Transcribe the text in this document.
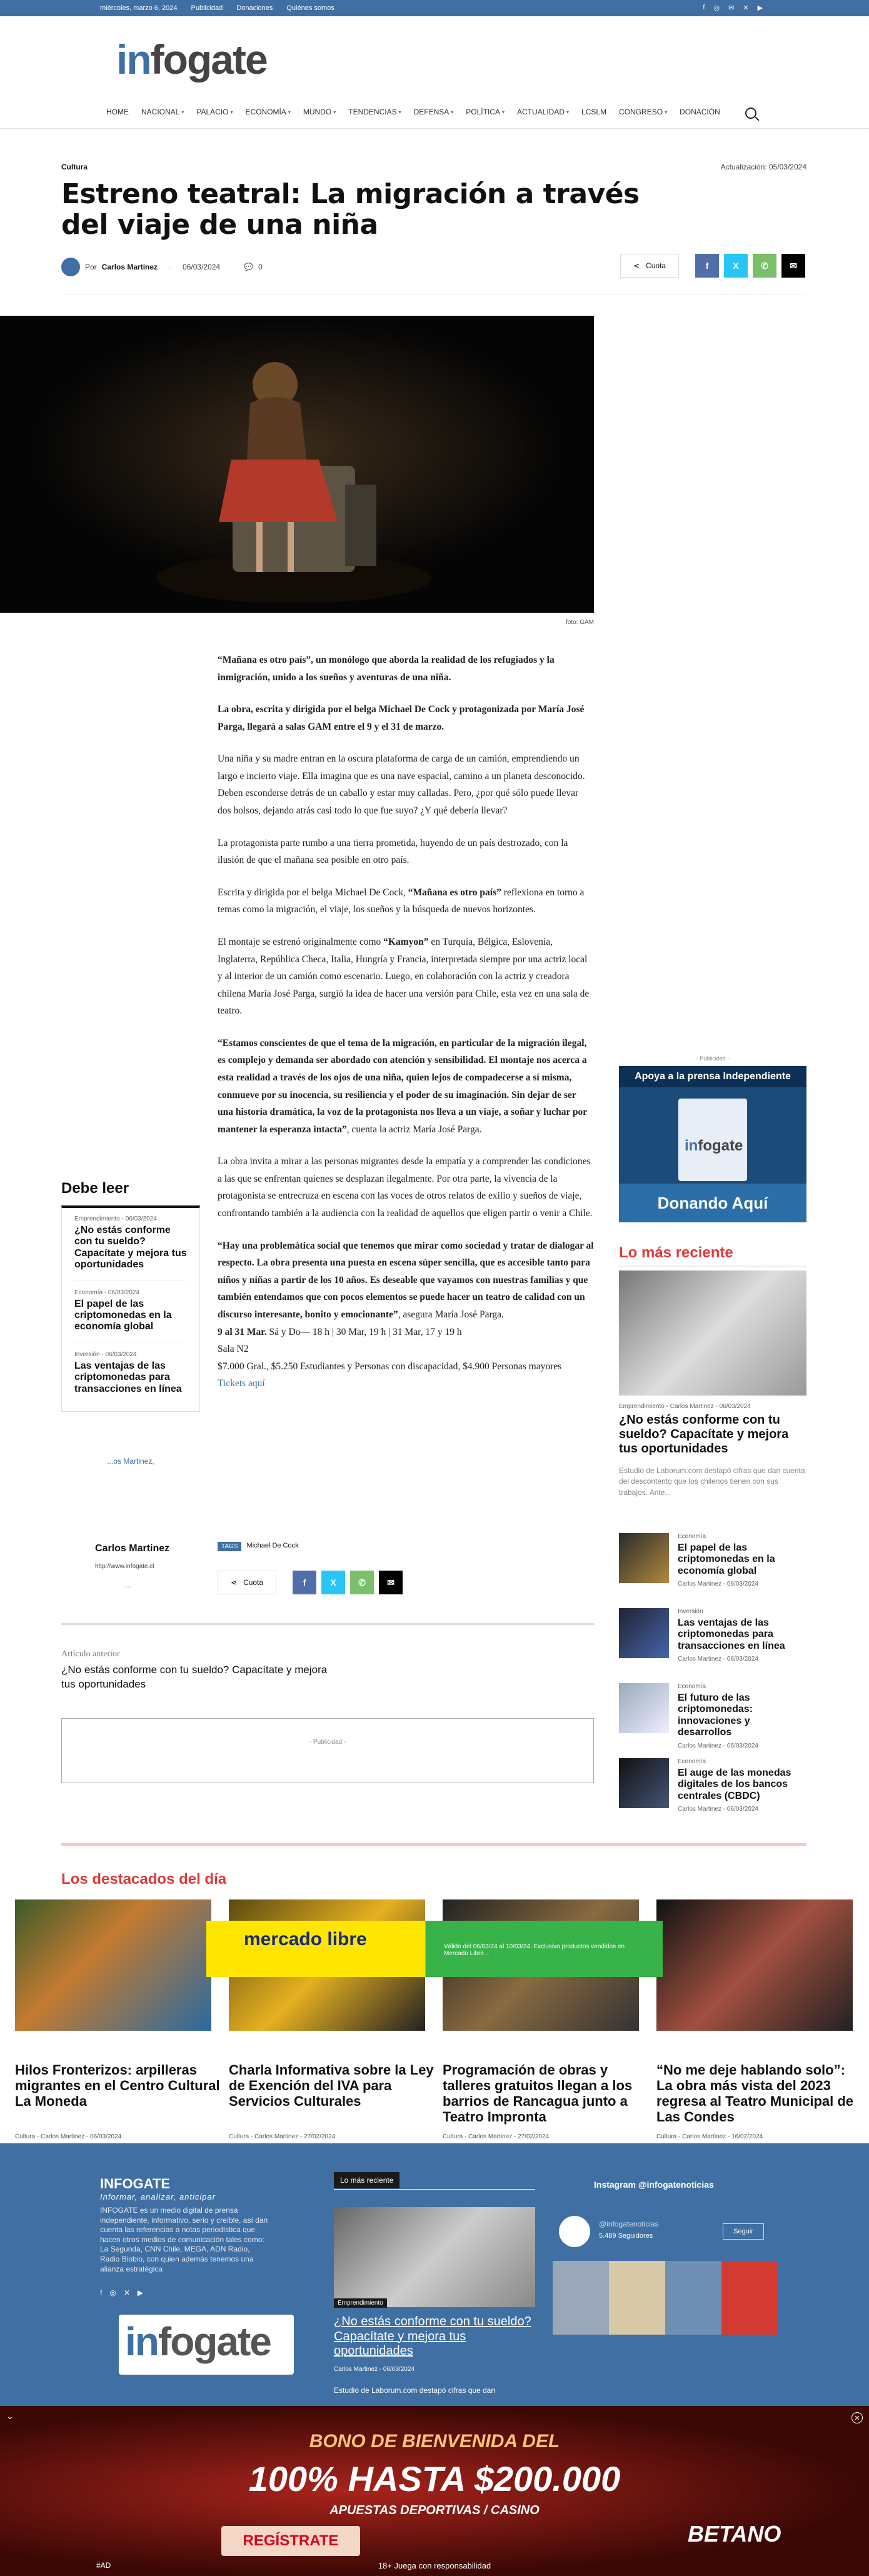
miércoles, marzo 6, 2024 Publicidad Donaciones Quiénes somos	f ◎ ✉ ✕ ▶
infogate
HOME NACIONAL ▾ PALACIO ▾ ECONOMÍA ▾ MUNDO ▾ TENDENCIAS ▾ DEFENSA ▾ POLÍTICA ▾ ACTUALIDAD ▾ LCSLM CONGRESO ▾ DONACIÓN
Cultura	Actualización: 05/03/2024
Estreno teatral: La migración a través del viaje de una niña
Por Carlos Martinez - 06/03/2024	💬 0	⋖ Cuota	f	X	✆	✉
foto: GAM

“Mañana es otro país”, un monólogo que aborda la realidad de los refugiados y la inmigración, unido a los sueños y aventuras de una niña.

La obra, escrita y dirigida por el belga Michael De Cock y protagonizada por María José Parga, llegará a salas GAM entre el 9 y el 31 de marzo.

Una niña y su madre entran en la oscura plataforma de carga de un camión, emprendiendo un largo e incierto viaje. Ella imagina que es una nave espacial, camino a un planeta desconocido. Deben esconderse detrás de un caballo y estar muy calladas. Pero, ¿por qué sólo puede llevar dos bolsos, dejando atrás casi todo lo que fue suyo? ¿Y qué debería llevar?

La protagonista parte rumbo a una tierra prometida, huyendo de un país destrozado, con la ilusión de que el mañana sea posible en otro país.

Escrita y dirigida por el belga Michael De Cock, “Mañana es otro país” reflexiona en torno a temas como la migración, el viaje, los sueños y la búsqueda de nuevos horizontes.

El montaje se estrenó originalmente como “Kamyon” en Turquía, Bélgica, Eslovenia, Inglaterra, República Checa, Italia, Hungría y Francia, interpretada siempre por una actriz local y al interior de un camión como escenario. Luego, en colaboración con la actriz y creadora chilena María José Parga, surgió la idea de hacer una versión para Chile, esta vez en una sala de teatro.

“Estamos conscientes de que el tema de la migración, en particular de la migración ilegal, es complejo y demanda ser abordado con atención y sensibilidad. El montaje nos acerca a esta realidad a través de los ojos de una niña, quien lejos de compadecerse a sí misma, conmueve por su inocencia, su resiliencia y el poder de su imaginación. Sin dejar de ser una historia dramática, la voz de la protagonista nos lleva a un viaje, a soñar y luchar por mantener la esperanza intacta”, cuenta la actriz María José Parga.

La obra invita a mirar a las personas migrantes desde la empatía y a comprender las condiciones a las que se enfrentan quienes se desplazan ilegalmente. Por otra parte, la vivencia de la protagonista se entrecruza en escena con las voces de otros relatos de exilio y sueños de viaje, confrontando también a la audiencia con la realidad de aquellos que eligen partir o venir a Chile.

“Hay una problemática social que tenemos que mirar como sociedad y tratar de dialogar al respecto. La obra presenta una puesta en escena súper sencilla, que es accesible tanto para niños y niñas a partir de los 10 años. Es deseable que vayamos con nuestras familias y que también entendamos que con pocos elementos se puede hacer un teatro de calidad con un discurso interesante, bonito y emocionante”, asegura María José Parga.

9 al 31 Mar. Sá y Do— 18 h | 30 Mar, 19 h | 31 Mar, 17 y 19 h

Sala N2

$7.000 Gral., $5.250 Estudiantes y Personas con discapacidad, $4.900 Personas mayores

Tickets aquí

Debe leer
Emprendimiento - 06/03/2024
¿No estás conforme con tu sueldo? Capacítate y mejora tus oportunidades
Economía - 06/03/2024
El papel de las criptomonedas en la economía global
Inversión - 06/03/2024
Las ventajas de las criptomonedas para transacciones en línea
...os Martinez,
Carlos Martinez
http://www.infogate.cl
...
TAGS	Michael De Cock
⋖ Cuota	f	X	✆	✉
Artículo anterior
¿No estás conforme con tu sueldo? Capacítate y mejora tus oportunidades
- Publicidad -
- Publicidad -
Apoya a la prensa Independiente
infogate
Donando Aquí
Lo más reciente
Emprendimiento - Carlos Martinez - 06/03/2024
¿No estás conforme con tu sueldo? Capacítate y mejora tus oportunidades
Estudio de Laborum.com destapó cifras que dan cuenta del descontento que los chilenos tienen con sus trabajos. Ante...
Economía
El papel de las criptomonedas en la economía global
Carlos Martinez - 06/03/2024
Inversión
Las ventajas de las criptomonedas para transacciones en línea
Carlos Martinez - 06/03/2024
Economía
El futuro de las criptomonedas: innovaciones y desarrollos
Carlos Martinez - 06/03/2024
Economía
El auge de las monedas digitales de los bancos centrales (CBDC)
Carlos Martinez - 06/03/2024
Los destacados del día
mercado libre	Válido del 06/03/24 al 10/03/24. Exclusivo productos vendidos en Mercado Libre...
Hilos Fronterizos: arpilleras migrantes en el Centro Cultural La Moneda
Charla Informativa sobre la Ley de Exención del IVA para Servicios Culturales
Programación de obras y talleres gratuitos llegan a los barrios de Rancagua junto a Teatro Impronta
“No me deje hablando solo”: La obra más vista del 2023 regresa al Teatro Municipal de Las Condes
Cultura - Carlos Martinez - 06/03/2024	Cultura - Carlos Martinez - 27/02/2024	Cultura - Carlos Martinez - 27/02/2024	Cultura - Carlos Martinez - 16/02/2024
INFOGATE
Informar, analizar, anticipar
INFOGATE es un medio digital de prensa independiente, informativo, serio y creíble, así dan cuenta las referencias a notas periodística que hacen otros medios de comunicación tales como: La Segunda, CNN Chile, MEGA, ADN Radio, Radio Biobio, con quien además tenemos una alianza estratégica
f ◎ ✕ ▶
infogate
Lo más reciente
Emprendimiento
¿No estás conforme con tu sueldo? Capacítate y mejora tus oportunidades
Carlos Martinez - 06/03/2024
Estudio de Laborum.com destapó cifras que dan
Instagram @infogatenoticias
@infogatenoticias
5.489 Seguidores
Seguir
⌄	✕
BONO DE BIENVENIDA DEL
100% HASTA $200.000
APUESTAS DEPORTIVAS / CASINO
REGÍSTRATE	BETANO
18+ Juega con responsabilidad
#AD
